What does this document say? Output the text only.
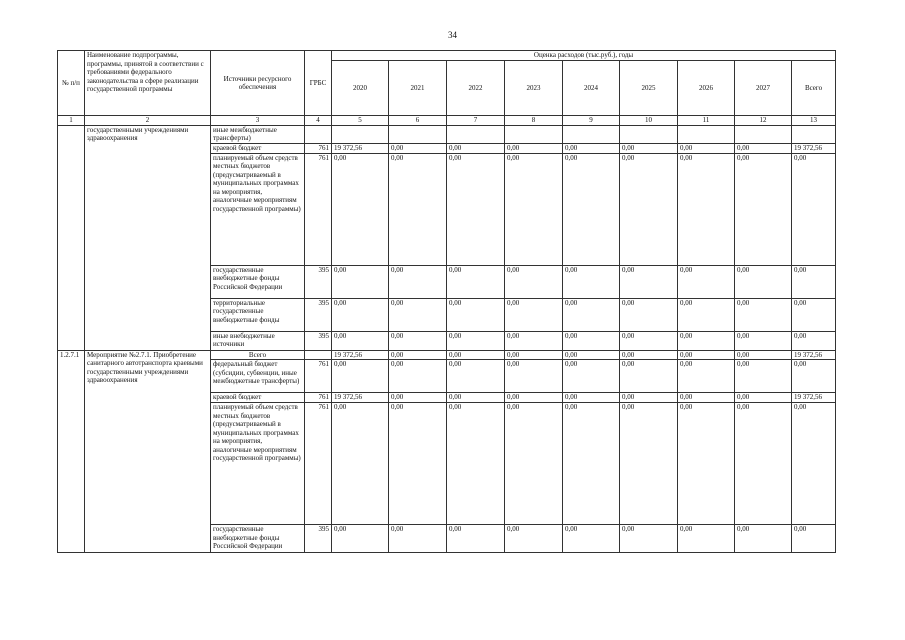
34
№ п/п	Наименование подпрограммы, программы, принятой в соответствии с требованиями федерального законодательства в сфере реализации государственной программы	Источники ресурсного обеспечения	ГРБС	Оценка расходов (тыс.руб.), годы								
				2020	2021	2022	2023	2024	2025	2026	2027	Всего
1	2	3	4	5	6	7	8	9	10	11	12	13
	государственными учреждениями здравоохранения	иные межбюджетные трансферты)										
		краевой бюджет	761	19 372,56	0,00	0,00	0,00	0,00	0,00	0,00	0,00	19 372,56
		планируемый объем средств местных бюджетов (предусматриваемый в муниципальных программах на мероприятия, аналогичные мероприятиям государственной программы)	761	0,00	0,00	0,00	0,00	0,00	0,00	0,00	0,00	0,00
		государственные внебюджетные фонды Российской Федерации	395	0,00	0,00	0,00	0,00	0,00	0,00	0,00	0,00	0,00
		территориальные государственные внебюджетные фонды	395	0,00	0,00	0,00	0,00	0,00	0,00	0,00	0,00	0,00
		иные внебюджетные источники	395	0,00	0,00	0,00	0,00	0,00	0,00	0,00	0,00	0,00
1.2.7.1	Мероприятие №2.7.1. Приобретение санитарного автотранспорта краевыми государственными учреждениями здравоохранения	Всего		19 372,56	0,00	0,00	0,00	0,00	0,00	0,00	0,00	19 372,56
		федеральный бюджет (субсидии, субвенции, иные межбюджетные трансферты)	761	0,00	0,00	0,00	0,00	0,00	0,00	0,00	0,00	0,00
		краевой бюджет	761	19 372,56	0,00	0,00	0,00	0,00	0,00	0,00	0,00	19 372,56
		планируемый объем средств местных бюджетов (предусматриваемый в муниципальных программах на мероприятия, аналогичные мероприятиям государственной программы)	761	0,00	0,00	0,00	0,00	0,00	0,00	0,00	0,00	0,00
		государственные внебюджетные фонды Российской Федерации	395	0,00	0,00	0,00	0,00	0,00	0,00	0,00	0,00	0,00
